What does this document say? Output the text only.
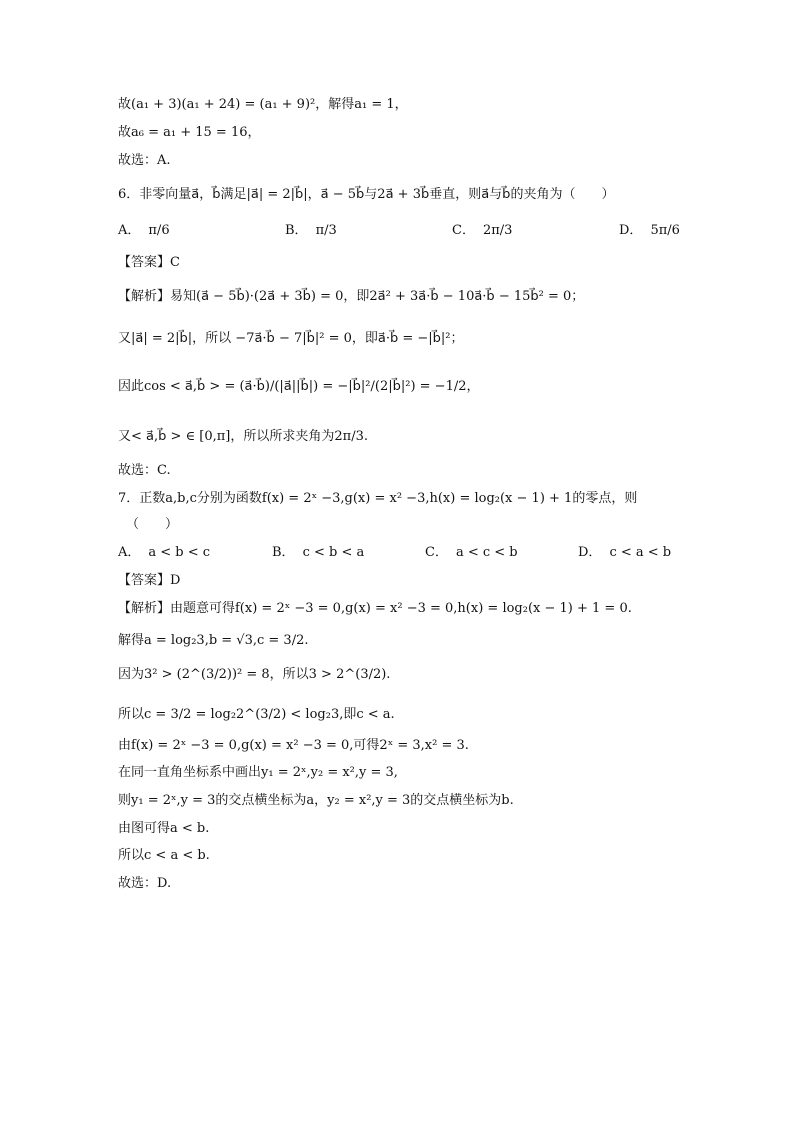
故(a₁ + 3)(a₁ + 24) = (a₁ + 9)²，解得a₁ = 1，
故a₆ = a₁ + 15 = 16，
故选：A.
6．非零向量a⃗，b⃗满足|a⃗| = 2|b⃗|，a⃗ − 5b⃗与2a⃗ + 3b⃗垂直，则a⃗与b⃗的夹角为（　　）
A． π/6	B． π/3	C． 2π/3	D． 5π/6
【答案】C
【解析】易知(a⃗ − 5b⃗)·(2a⃗ + 3b⃗) = 0，即2a⃗² + 3a⃗·b⃗ − 10a⃗·b⃗ − 15b⃗² = 0；
又|a⃗| = 2|b⃗|，所以 −7a⃗·b⃗ − 7|b⃗|² = 0，即a⃗·b⃗ = −|b⃗|²；
因此cos < a⃗,b⃗ > = (a⃗·b⃗)/(|a⃗||b⃗|) = −|b⃗|²/(2|b⃗|²) = −1/2，
又< a⃗,b⃗ > ∈ [0,π]，所以所求夹角为2π/3.
故选：C.
7．正数a,b,c分别为函数f(x) = 2ˣ −3,g(x) = x² −3,h(x) = log₂(x − 1) + 1的零点，则
（　　）
A． a < b < c	B． c < b < a	C． a < c < b	D． c < a < b
【答案】D
【解析】由题意可得f(x) = 2ˣ −3 = 0,g(x) = x² −3 = 0,h(x) = log₂(x − 1) + 1 = 0.
解得a = log₂3,b = √3,c = 3/2.
因为3² > (2^(3/2))² = 8，所以3 > 2^(3/2).
所以c = 3/2 = log₂2^(3/2) < log₂3,即c < a.
由f(x) = 2ˣ −3 = 0,g(x) = x² −3 = 0,可得2ˣ = 3,x² = 3.
在同一直角坐标系中画出y₁ = 2ˣ,y₂ = x²,y = 3,
则y₁ = 2ˣ,y = 3的交点横坐标为a，y₂ = x²,y = 3的交点横坐标为b.
由图可得a < b.
所以c < a < b.
故选：D.
